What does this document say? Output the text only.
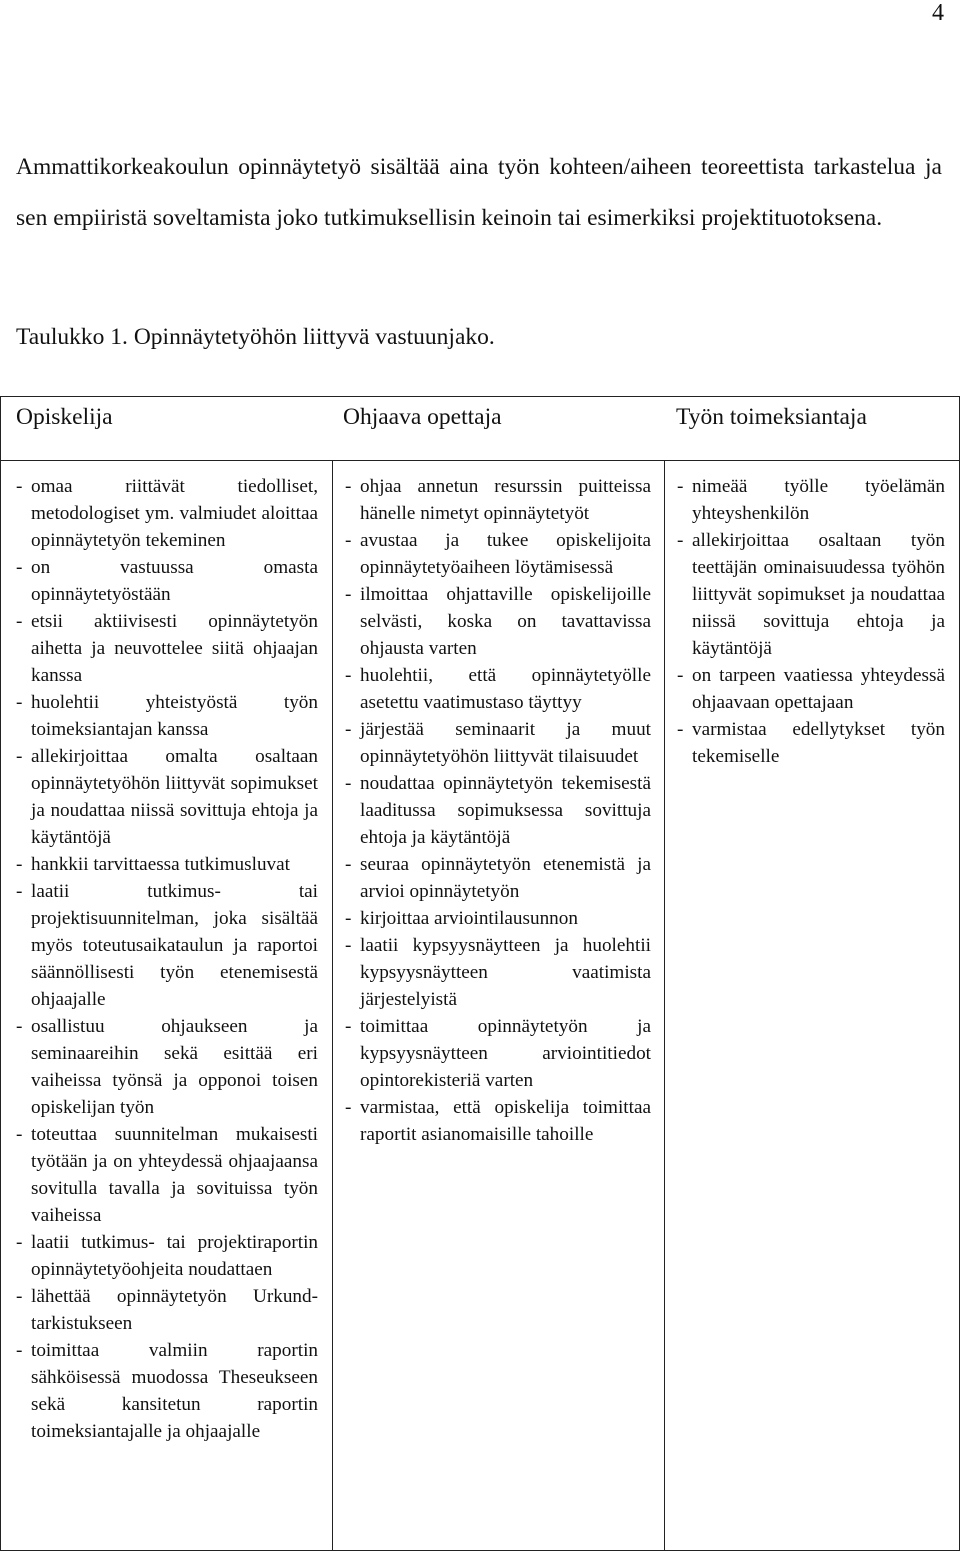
4
Ammattikorkeakoulun opinnäytetyö sisältää aina työn kohteen/aiheen teoreettista tarkastelua ja sen empiiristä soveltamista joko tutkimuksellisin keinoin tai esimerkiksi projektituotoksena.
Taulukko 1. Opinnäytetyöhön liittyvä vastuunjako.
Opiskelija	Ohjaava opettaja	Työn toimeksiantaja
- omaa riittävät tiedolliset, metodologiset ym. valmiudet aloittaa opinnäytetyön tekeminen
- on vastuussa omasta opinnäytetyöstään
- etsii aktiivisesti opinnäytetyön aihetta ja neuvottelee siitä ohjaajan kanssa
- huolehtii yhteistyöstä työn toimeksiantajan kanssa
- allekirjoittaa omalta osaltaan opinnäytetyöhön liittyvät sopimukset ja noudattaa niissä sovittuja ehtoja ja käytäntöjä
- hankkii tarvittaessa tutkimusluvat
- laatii tutkimus- tai projektisuunnitelman, joka sisältää myös toteutusaikataulun ja raportoi säännöllisesti työn etenemisestä ohjaajalle
- osallistuu ohjaukseen ja seminaareihin sekä esittää eri vaiheissa työnsä ja opponoi toisen opiskelijan työn
- toteuttaa suunnitelman mukaisesti työtään ja on yhteydessä ohjaajaansa sovitulla tavalla ja sovituissa työn vaiheissa
- laatii tutkimus- tai projektiraportin opinnäytetyöohjeita noudattaen
- lähettää opinnäytetyön Urkund-tarkistukseen
- toimittaa valmiin raportin sähköisessä muodossa Theseukseen sekä kansitetun raportin toimeksiantajalle ja ohjaajalle
- ohjaa annetun resurssin puitteissa hänelle nimetyt opinnäytetyöt
- avustaa ja tukee opiskelijoita opinnäytetyöaiheen löytämisessä
- ilmoittaa ohjattaville opiskelijoille selvästi, koska on tavattavissa ohjausta varten
- huolehtii, että opinnäytetyölle asetettu vaatimustaso täyttyy
- järjestää seminaarit ja muut opinnäytetyöhön liittyvät tilaisuudet
- noudattaa opinnäytetyön tekemisestä laaditussa sopimuksessa sovittuja ehtoja ja käytäntöjä
- seuraa opinnäytetyön etenemistä ja arvioi opinnäytetyön
- kirjoittaa arviointilausunnon
- laatii kypsyysnäytteen ja huolehtii kypsyysnäytteen vaatimista järjestelyistä
- toimittaa opinnäytetyön ja kypsyysnäytteen arviointitiedot opintorekisteriä varten
- varmistaa, että opiskelija toimittaa raportit asianomaisille tahoille
- nimeää työlle työelämän yhteyshenkilön
- allekirjoittaa osaltaan työn teettäjän ominaisuudessa työhön liittyvät sopimukset ja noudattaa niissä sovittuja ehtoja ja käytäntöjä
- on tarpeen vaatiessa yhteydessä ohjaavaan opettajaan
- varmistaa edellytykset työn tekemiselle
